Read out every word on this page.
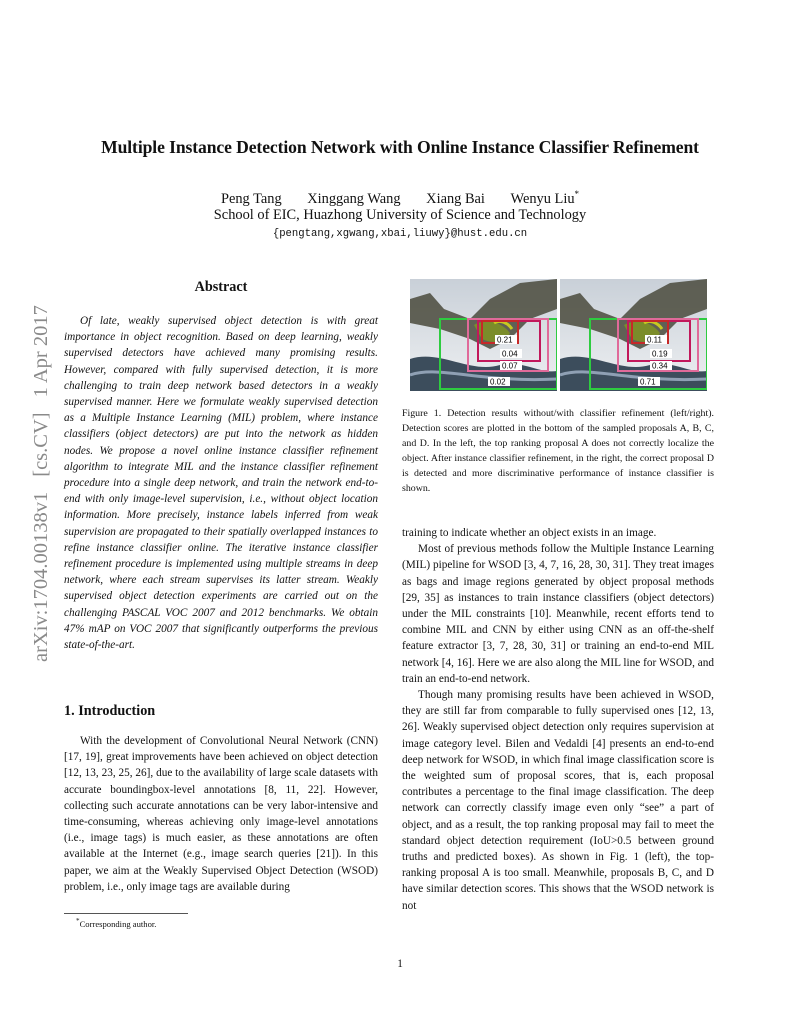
Multiple Instance Detection Network with Online Instance Classifier Refinement
Peng Tang Xinggang Wang Xiang Bai Wenyu Liu*
School of EIC, Huazhong University of Science and Technology
{pengtang,xgwang,xbai,liuwy}@hust.edu.cn
arXiv:1704.00138v1
[cs.CV]
1 Apr 2017
Abstract
Of late, weakly supervised object detection is with great importance in object recognition. Based on deep learning, weakly supervised detectors have achieved many promising results. However, compared with fully supervised detection, it is more challenging to train deep network based detectors in a weakly supervised manner. Here we formulate weakly supervised detection as a Multiple Instance Learning (MIL) problem, where instance classifiers (object detectors) are put into the network as hidden nodes. We propose a novel online instance classifier refinement algorithm to integrate MIL and the instance classifier refinement procedure into a single deep network, and train the network end-to-end with only image-level supervision, i.e., without object location information. More precisely, instance labels inferred from weak supervision are propagated to their spatially overlapped instances to refine instance classifier online. The iterative instance classifier refinement procedure is implemented using multiple streams in deep network, where each stream supervises its latter stream. Weakly supervised object detection experiments are carried out on the challenging PASCAL VOC 2007 and 2012 benchmarks. We obtain 47% mAP on VOC 2007 that significantly outperforms the previous state-of-the-art.
1. Introduction
With the development of Convolutional Neural Network (CNN) [17, 19], great improvements have been achieved on object detection [12, 13, 23, 25, 26], due to the availability of large scale datasets with accurate boundingbox-level annotations [8, 11, 22]. However, collecting such accurate annotations can be very labor-intensive and time-consuming, whereas achieving only image-level annotations (i.e., image tags) is much easier, as these annotations are often available at the Internet (e.g., image search queries [21]). In this paper, we aim at the Weakly Supervised Object Detection (WSOD) problem, i.e., only image tags are available during
*Corresponding author.
0.21
0.04
0.07
0.02
0.11
0.19
0.34
0.71
Figure 1. Detection results without/with classifier refinement (left/right). Detection scores are plotted in the bottom of the sampled proposals A, B, C, and D. In the left, the top ranking proposal A does not correctly localize the object. After instance classifier refinement, in the right, the correct proposal D is detected and more discriminative performance of instance classifier is shown.

training to indicate whether an object exists in an image.

Most of previous methods follow the Multiple Instance Learning (MIL) pipeline for WSOD [3, 4, 7, 16, 28, 30, 31]. They treat images as bags and image regions generated by object proposal methods [29, 35] as instances to train instance classifiers (object detectors) under the MIL constraints [10]. Meanwhile, recent efforts tend to combine MIL and CNN by either using CNN as an off-the-shelf feature extractor [3, 7, 28, 30, 31] or training an end-to-end MIL network [4, 16]. Here we are also along the MIL line for WSOD, and train an end-to-end network.

Though many promising results have been achieved in WSOD, they are still far from comparable to fully supervised ones [12, 13, 26]. Weakly supervised object detection only requires supervision at image category level. Bilen and Vedaldi [4] presents an end-to-end deep network for WSOD, in which final image classification score is the weighted sum of proposal scores, that is, each proposal contributes a percentage to the final image classification. The deep network can correctly classify image even only “see” a part of object, and as a result, the top ranking proposal may fail to meet the standard object detection requirement (IoU>0.5 between ground truths and predicted boxes). As shown in Fig. 1 (left), the top-ranking proposal A is too small. Meanwhile, proposals B, C, and D have similar detection scores. This shows that the WSOD network is not

1
